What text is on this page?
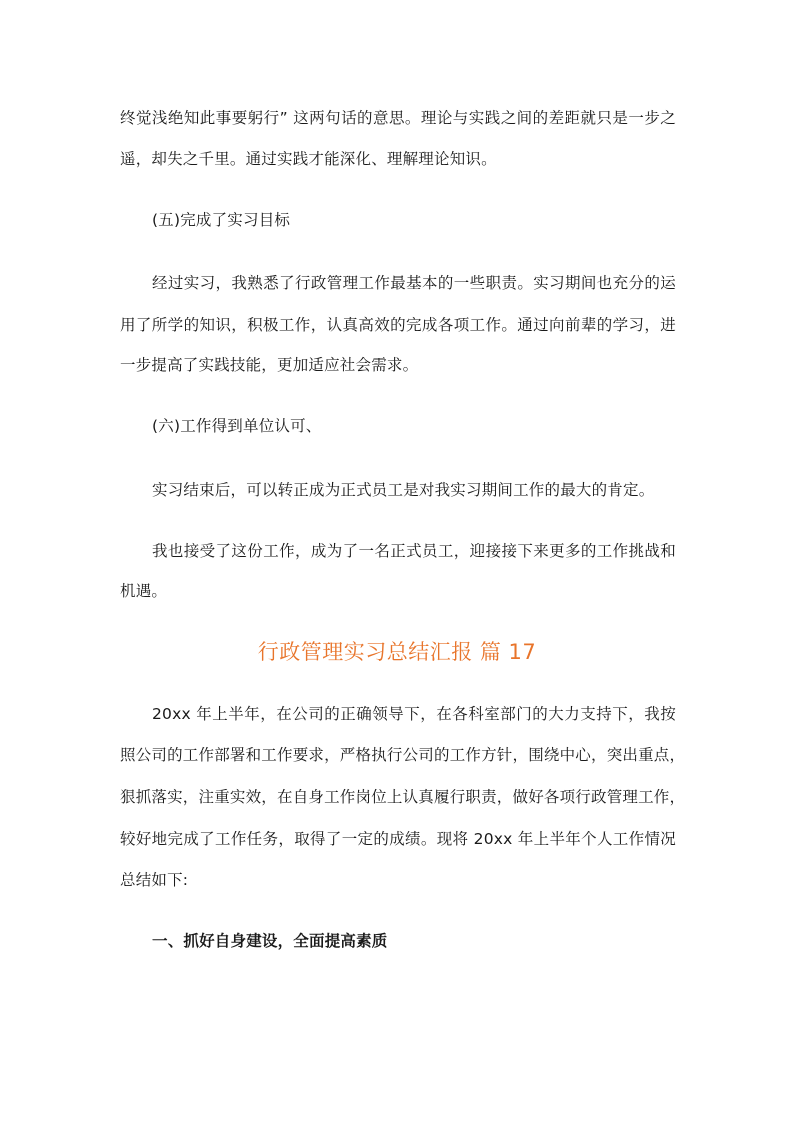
终觉浅绝知此事要躬行” 这两句话的意思。理论与实践之间的差距就只是一步之
遥，却失之千里。通过实践才能深化、理解理论知识。
(五)完成了实习目标
经过实习，我熟悉了行政管理工作最基本的一些职责。实习期间也充分的运
用了所学的知识，积极工作，认真高效的完成各项工作。通过向前辈的学习，进
一步提高了实践技能，更加适应社会需求。
(六)工作得到单位认可、
实习结束后，可以转正成为正式员工是对我实习期间工作的最大的肯定。
我也接受了这份工作，成为了一名正式员工，迎接接下来更多的工作挑战和
机遇。
行政管理实习总结汇报 篇 17
20xx 年上半年，在公司的正确领导下，在各科室部门的大力支持下，我按
照公司的工作部署和工作要求，严格执行公司的工作方针，围绕中心，突出重点，
狠抓落实，注重实效，在自身工作岗位上认真履行职责，做好各项行政管理工作，
较好地完成了工作任务，取得了一定的成绩。现将 20xx 年上半年个人工作情况
总结如下:
一、抓好自身建设，全面提高素质
